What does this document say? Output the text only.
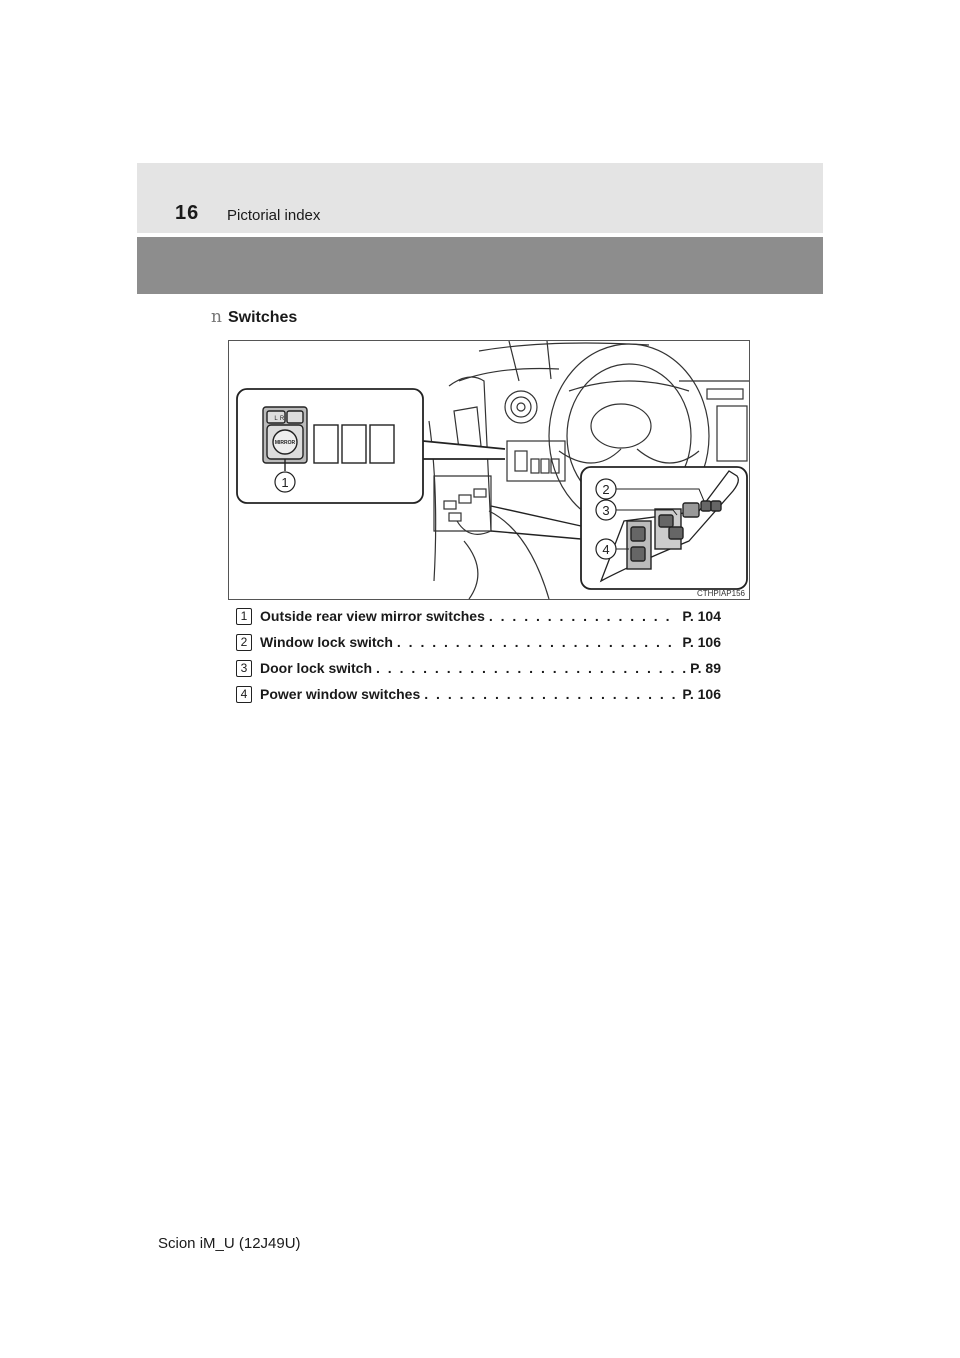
16 Pictorial index
n Switches
1	2
3
4
L R
MIRROR
CTHPIAP156
1 Outside rear view mirror switches . . .	P. 104
2 Window lock switch . . .	P. 106
3 Door lock switch . . .	P. 89
4 Power window switches . . .	P. 106
Scion iM_U (12J49U)
